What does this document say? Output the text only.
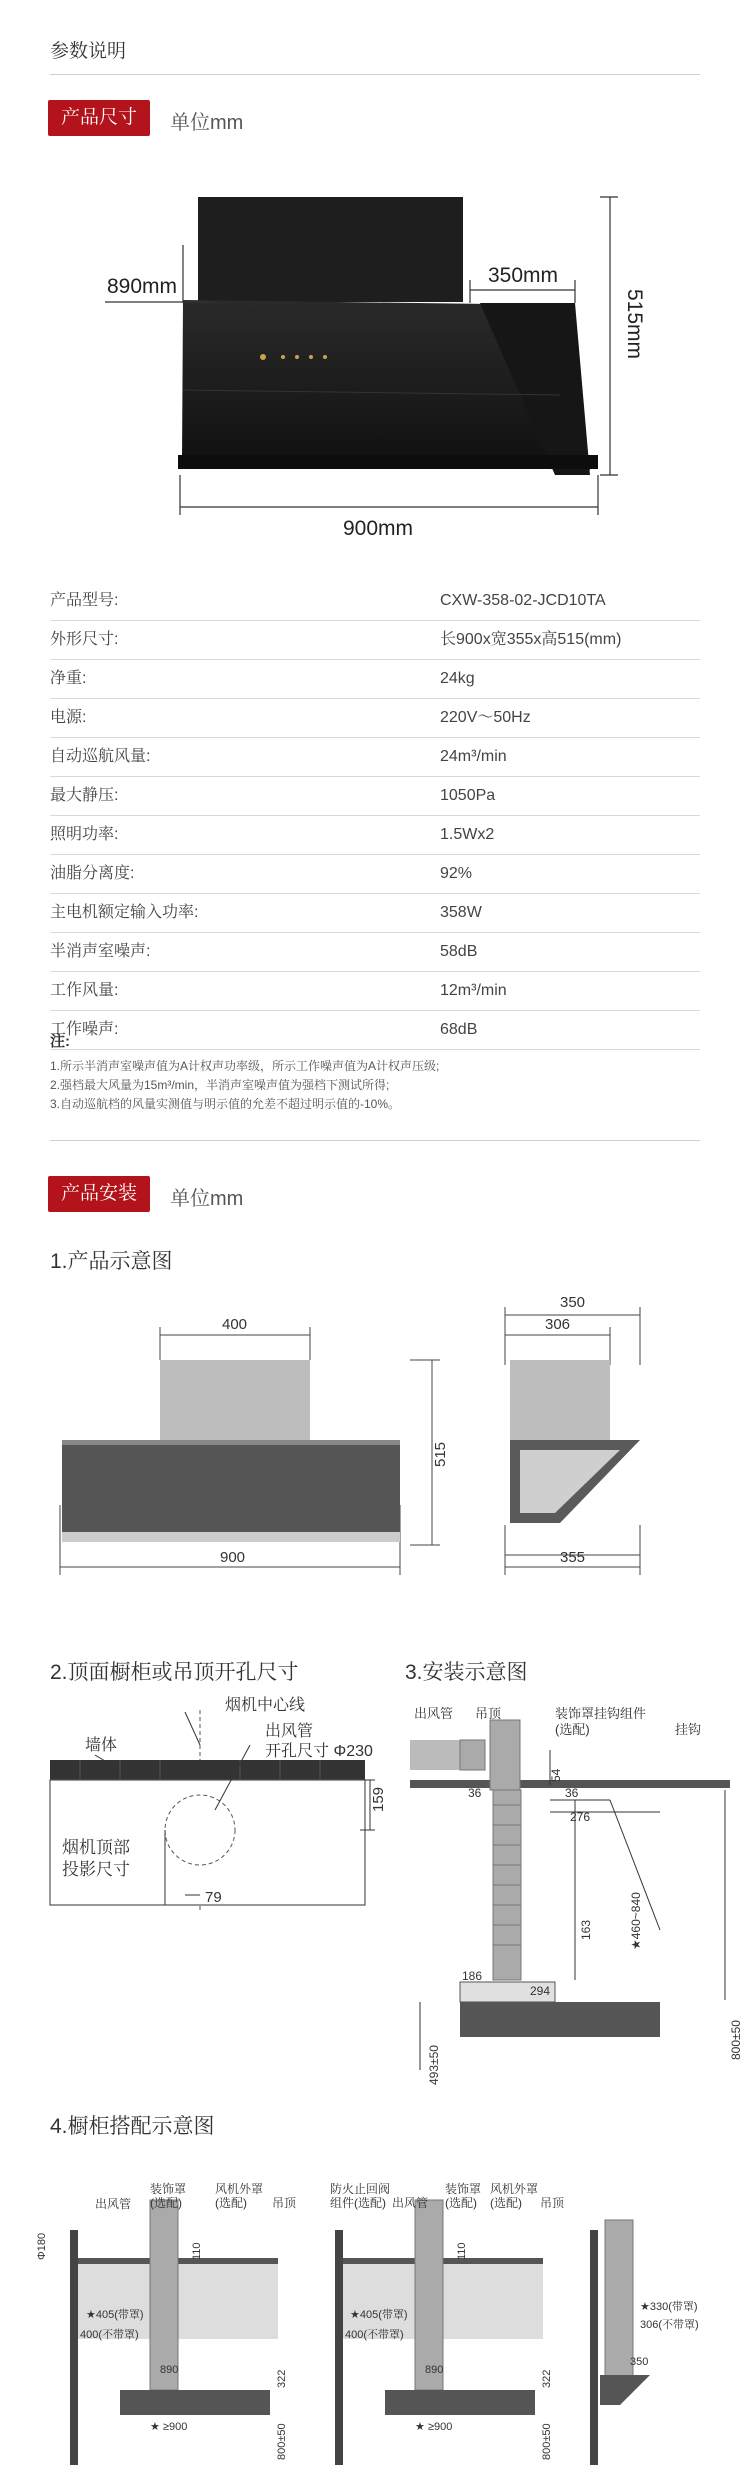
参数说明
产品尺寸	单位mm
890mm	350mm
515mm
900mm
产品型号:	CXW-358-02-JCD10TA
外形尺寸:	长900x宽355x高515(mm)
净重:	24kg
电源:	220V～50Hz
自动巡航风量:	24m³/min
最大静压:	1050Pa
照明功率:	1.5Wx2
油脂分离度:	92%
主电机额定输入功率:	358W
半消声室噪声:	58dB
工作风量:	12m³/min
工作噪声:	68dB
注:
1.所示半消声室噪声值为A计权声功率级，所示工作噪声值为A计权声压级;
2.强档最大风量为15m³/min，半消声室噪声值为强档下测试所得;
3.自动巡航档的风量实测值与明示值的允差不超过明示值的-10%。
产品安装	单位mm
1.产品示意图
400
515
900
350
306
355
2.顶面橱柜或吊顶开孔尺寸	3.安装示意图
烟机中心线
出风管
开孔尺寸 Φ230
墙体
烟机顶部
投影尺寸
159
79
出风管 吊顶	装饰罩挂钩组件
(选配)	挂钩
54
36	36
276
163	★460~840
186
294
493±50
800±50
4.橱柜搭配示意图
出风管
装饰罩
(选配)
风机外罩
(选配) 吊顶
Φ180	110
★405(带罩)
400(不带罩)
890	322
★ ≥900	800±50
防火止回阀
组件(选配) 出风管
装饰罩
(选配)
风机外罩
(选配) 吊顶
110
★405(带罩)
400(不带罩)
890	322
★ ≥900	800±50
★330(带罩)
306(不带罩)
350
